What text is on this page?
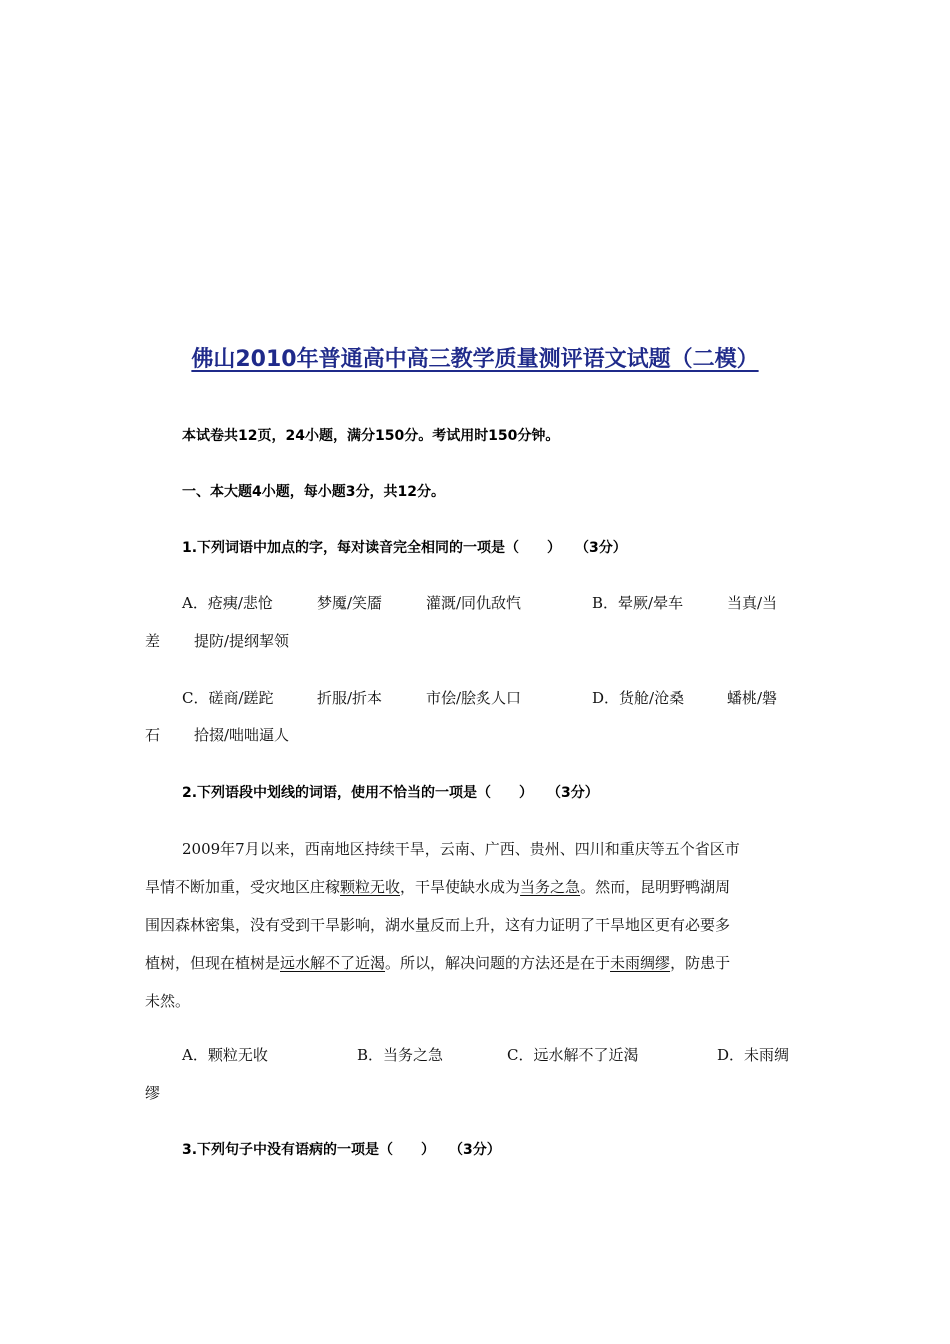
佛山2010年普通高中高三教学质量测评语文试题（二模）
本试卷共12页，24小题，满分150分。考试用时150分钟。
一、本大题4小题，每小题3分，共12分。
1.下列词语中加点的字，每对读音完全相同的一项是（　　）　　（3分）
A．疮痍/悲怆	梦魇/笑靥	灌溉/同仇敌忾	B．晕厥/晕车	当真/当
差 提防/提纲挈领
C．磋商/蹉跎	折服/折本	市侩/脍炙人口	D．货舱/沧桑	蟠桃/磐
石 拾掇/咄咄逼人
2.下列语段中划线的词语，使用不恰当的一项是（　　）　　（3分）
2009年7月以来，西南地区持续干旱，云南、广西、贵州、四川和重庆等五个省区市
旱情不断加重，受灾地区庄稼颗粒无收，干旱使缺水成为当务之急。然而，昆明野鸭湖周
围因森林密集，没有受到干旱影响，湖水量反而上升，这有力证明了干旱地区更有必要多
植树，但现在植树是远水解不了近渴。所以，解决问题的方法还是在于未雨绸缪，防患于
未然。
A．颗粒无收	B．当务之急	C．远水解不了近渴	D．未雨绸
缪
3.下列句子中没有语病的一项是（　　）　　（3分）
